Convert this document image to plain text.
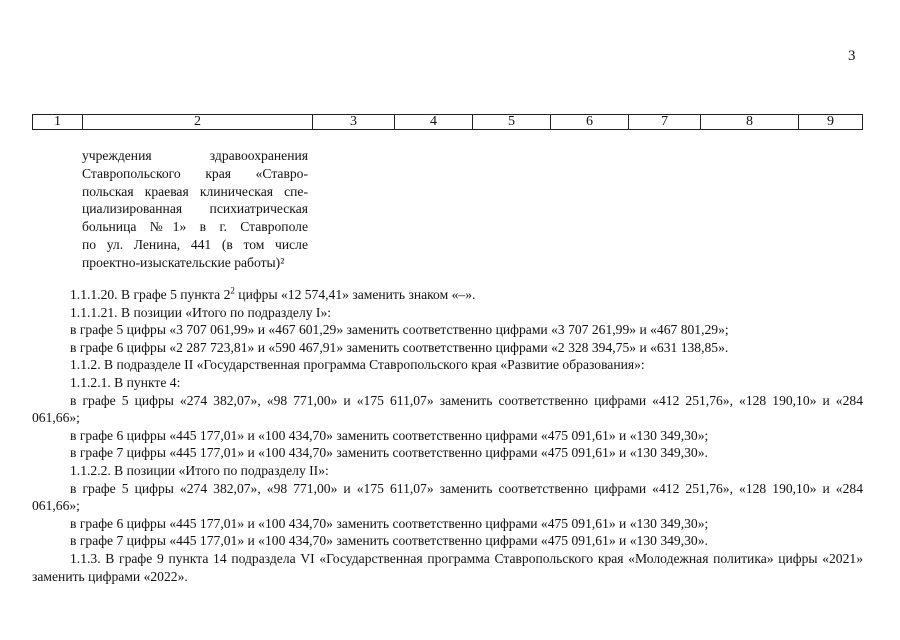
3
1	2	3	4	5	6	7	8	9
учреждения здравоохранения
Ставропольского края «Ставро-
польская краевая клиническая спе-
циализированная психиатрическая
больница №1» в г. Ставрополе
по ул. Ленина, 441 (в том числе
проектно-изыскательские работы)²

1.1.1.20. В графе 5 пункта $2^2$ цифры «12 574,41» заменить знаком «–».

1.1.1.21. В позиции «Итого по подразделу I»:

в графе 5 цифры «3 707 061,99» и «467 601,29» заменить соответственно цифрами «3 707 261,99» и «467 801,29»;

в графе 6 цифры «2 287 723,81» и «590 467,91» заменить соответственно цифрами «2 328 394,75» и «631 138,85».

1.1.2. В подразделе II «Государственная программа Ставропольского края «Развитие образования»:

1.1.2.1. В пункте 4:

в графе 5 цифры «274 382,07», «98 771,00» и «175 611,07» заменить соответственно цифрами «412 251,76», «128 190,10» и «284 061,66»;

в графе 6 цифры «445 177,01» и «100 434,70» заменить соответственно цифрами «475 091,61» и «130 349,30»;

в графе 7 цифры «445 177,01» и «100 434,70» заменить соответственно цифрами «475 091,61» и «130 349,30».

1.1.2.2. В позиции «Итого по подразделу II»:

в графе 5 цифры «274 382,07», «98 771,00» и «175 611,07» заменить соответственно цифрами «412 251,76», «128 190,10» и «284 061,66»;

в графе 6 цифры «445 177,01» и «100 434,70» заменить соответственно цифрами «475 091,61» и «130 349,30»;

в графе 7 цифры «445 177,01» и «100 434,70» заменить соответственно цифрами «475 091,61» и «130 349,30».

1.1.3. В графе 9 пункта 14 подраздела VI «Государственная программа Ставропольского края «Молодежная политика» цифры «2021» заменить цифрами «2022».
